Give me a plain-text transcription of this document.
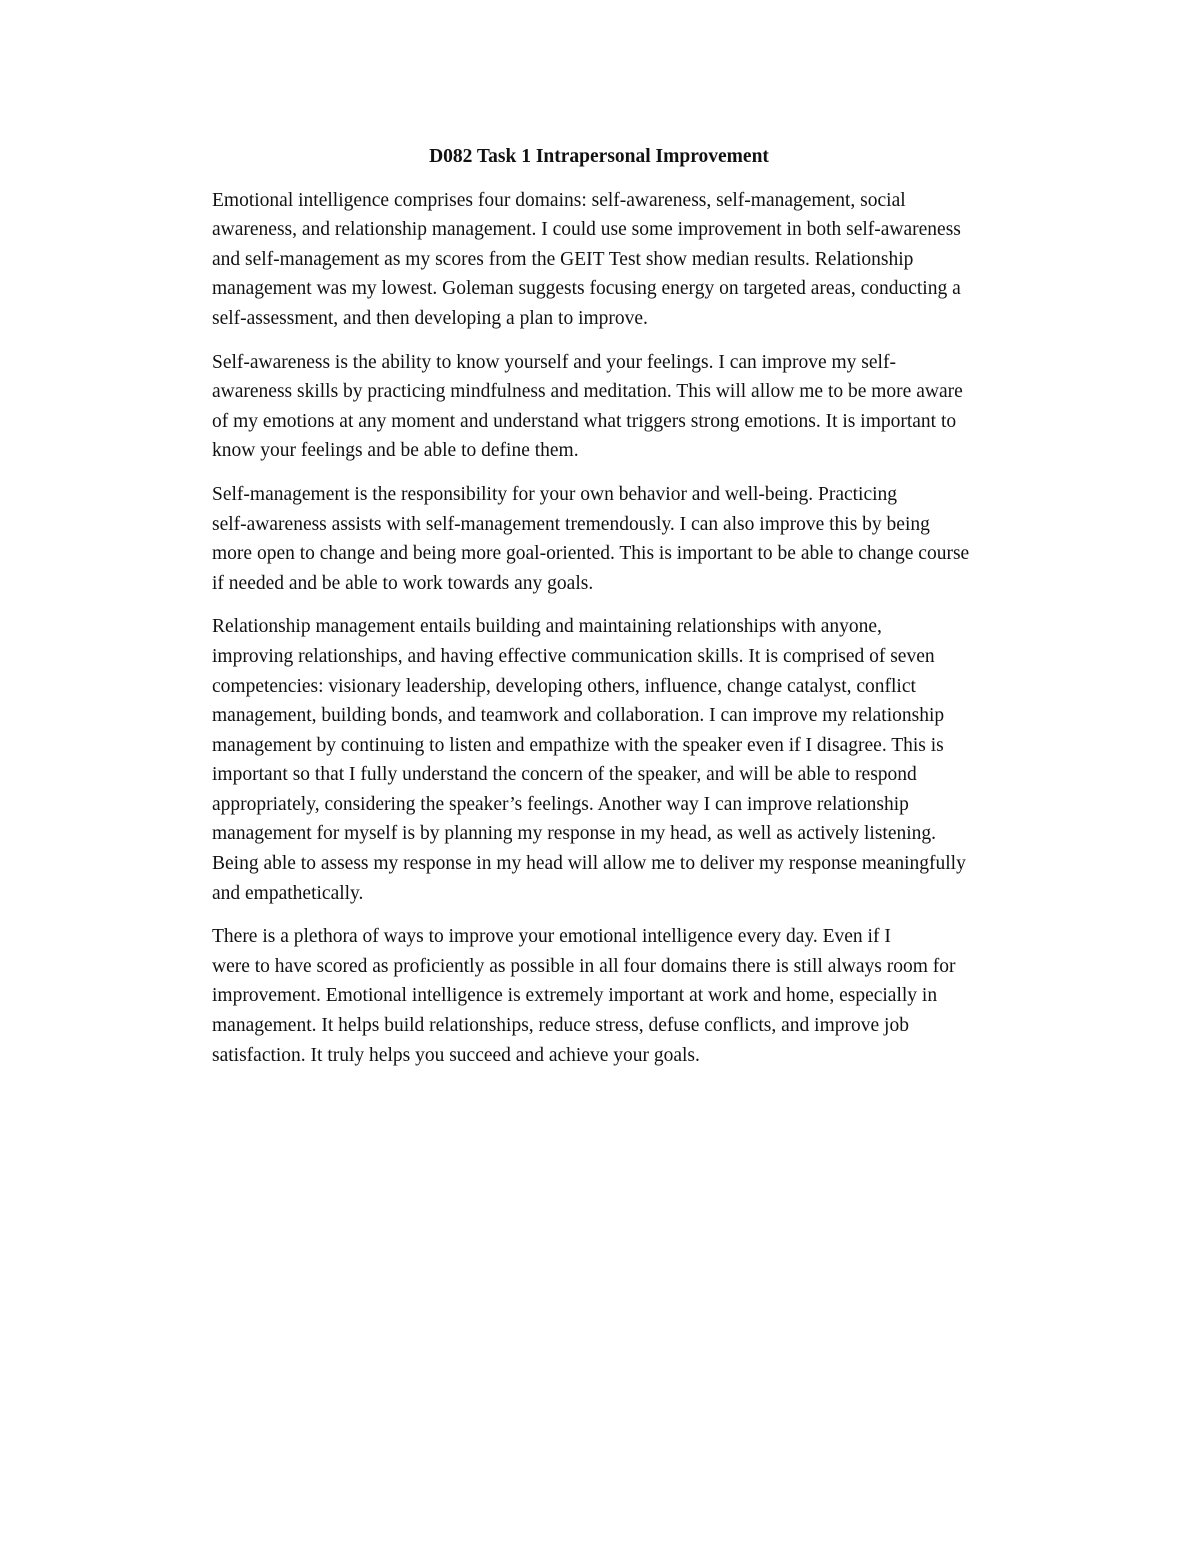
D082 Task 1 Intrapersonal Improvement
Emotional intelligence comprises four domains: self-awareness, self-management, social
awareness, and relationship management. I could use some improvement in both self-awareness
and self-management as my scores from the GEIT Test show median results. Relationship
management was my lowest. Goleman suggests focusing energy on targeted areas, conducting a
self-assessment, and then developing a plan to improve.
Self-awareness is the ability to know yourself and your feelings. I can improve my self-
awareness skills by practicing mindfulness and meditation. This will allow me to be more aware
of my emotions at any moment and understand what triggers strong emotions. It is important to
know your feelings and be able to define them.
Self-management is the responsibility for your own behavior and well-being. Practicing
self-awareness assists with self-management tremendously. I can also improve this by being
more open to change and being more goal-oriented. This is important to be able to change course
if needed and be able to work towards any goals.
Relationship management entails building and maintaining relationships with anyone,
improving relationships, and having effective communication skills. It is comprised of seven
competencies: visionary leadership, developing others, influence, change catalyst, conflict
management, building bonds, and teamwork and collaboration. I can improve my relationship
management by continuing to listen and empathize with the speaker even if I disagree. This is
important so that I fully understand the concern of the speaker, and will be able to respond
appropriately, considering the speaker’s feelings. Another way I can improve relationship
management for myself is by planning my response in my head, as well as actively listening.
Being able to assess my response in my head will allow me to deliver my response meaningfully
and empathetically.
There is a plethora of ways to improve your emotional intelligence every day. Even if I
were to have scored as proficiently as possible in all four domains there is still always room for
improvement. Emotional intelligence is extremely important at work and home, especially in
management. It helps build relationships, reduce stress, defuse conflicts, and improve job
satisfaction. It truly helps you succeed and achieve your goals.
